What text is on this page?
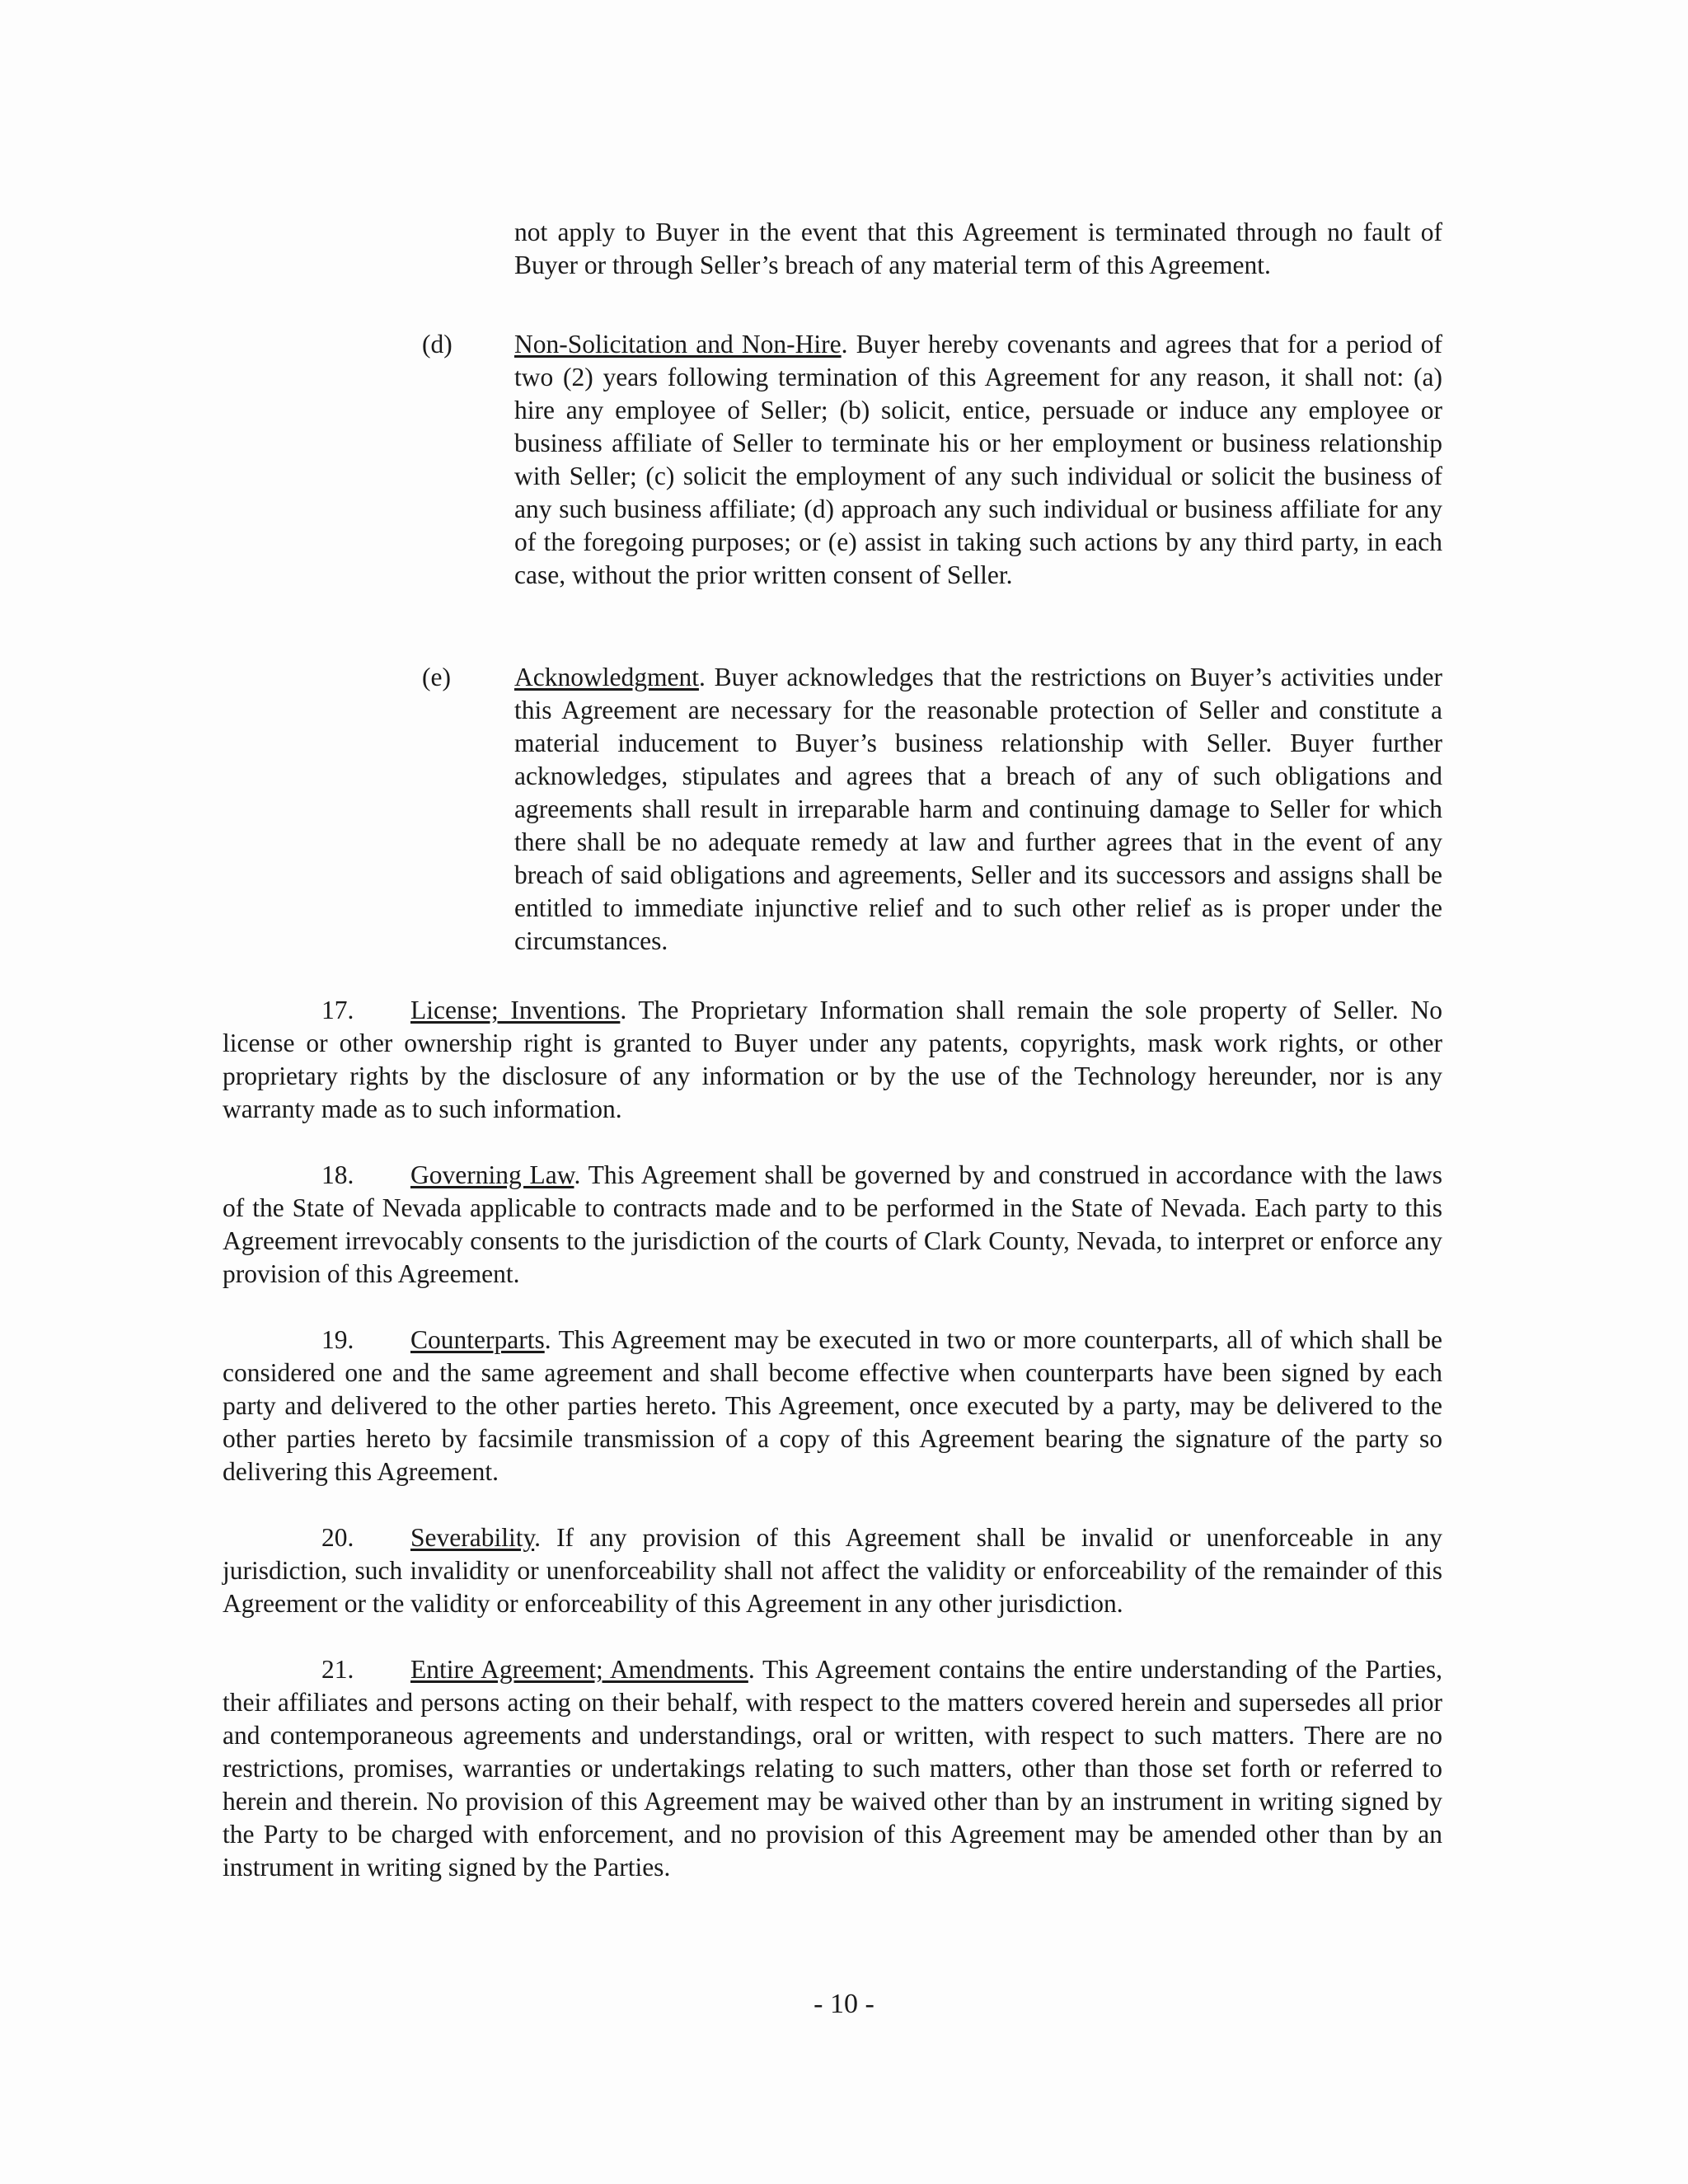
not apply to Buyer in the event that this Agreement is terminated through no fault of Buyer or through Seller’s breach of any material term of this Agreement.

(d) Non-Solicitation and Non-Hire. Buyer hereby covenants and agrees that for a period of two (2) years following termination of this Agreement for any reason, it shall not: (a) hire any employee of Seller; (b) solicit, entice, persuade or induce any employee or business affiliate of Seller to terminate his or her employment or business relationship with Seller; (c) solicit the employment of any such individual or solicit the business of any such business affiliate; (d) approach any such individual or business affiliate for any of the foregoing purposes; or (e) assist in taking such actions by any third party, in each case, without the prior written consent of Seller.

(e) Acknowledgment. Buyer acknowledges that the restrictions on Buyer’s activities under this Agreement are necessary for the reasonable protection of Seller and constitute a material inducement to Buyer’s business relationship with Seller. Buyer further acknowledges, stipulates and agrees that a breach of any of such obligations and agreements shall result in irreparable harm and continuing damage to Seller for which there shall be no adequate remedy at law and further agrees that in the event of any breach of said obligations and agreements, Seller and its successors and assigns shall be entitled to immediate injunctive relief and to such other relief as is proper under the circumstances.

17. License; Inventions. The Proprietary Information shall remain the sole property of Seller. No license or other ownership right is granted to Buyer under any patents, copyrights, mask work rights, or other proprietary rights by the disclosure of any information or by the use of the Technology hereunder, nor is any warranty made as to such information.

18. Governing Law. This Agreement shall be governed by and construed in accordance with the laws of the State of Nevada applicable to contracts made and to be performed in the State of Nevada. Each party to this Agreement irrevocably consents to the jurisdiction of the courts of Clark County, Nevada, to interpret or enforce any provision of this Agreement.

19. Counterparts. This Agreement may be executed in two or more counterparts, all of which shall be considered one and the same agreement and shall become effective when counterparts have been signed by each party and delivered to the other parties hereto. This Agreement, once executed by a party, may be delivered to the other parties hereto by facsimile transmission of a copy of this Agreement bearing the signature of the party so delivering this Agreement.

20. Severability. If any provision of this Agreement shall be invalid or unenforceable in any jurisdiction, such invalidity or unenforceability shall not affect the validity or enforceability of the remainder of this Agreement or the validity or enforceability of this Agreement in any other jurisdiction.

21. Entire Agreement; Amendments. This Agreement contains the entire understanding of the Parties, their affiliates and persons acting on their behalf, with respect to the matters covered herein and supersedes all prior and contemporaneous agreements and understandings, oral or written, with respect to such matters. There are no restrictions, promises, warranties or undertakings relating to such matters, other than those set forth or referred to herein and therein. No provision of this Agreement may be waived other than by an instrument in writing signed by the Party to be charged with enforcement, and no provision of this Agreement may be amended other than by an instrument in writing signed by the Parties.

- 10 -
